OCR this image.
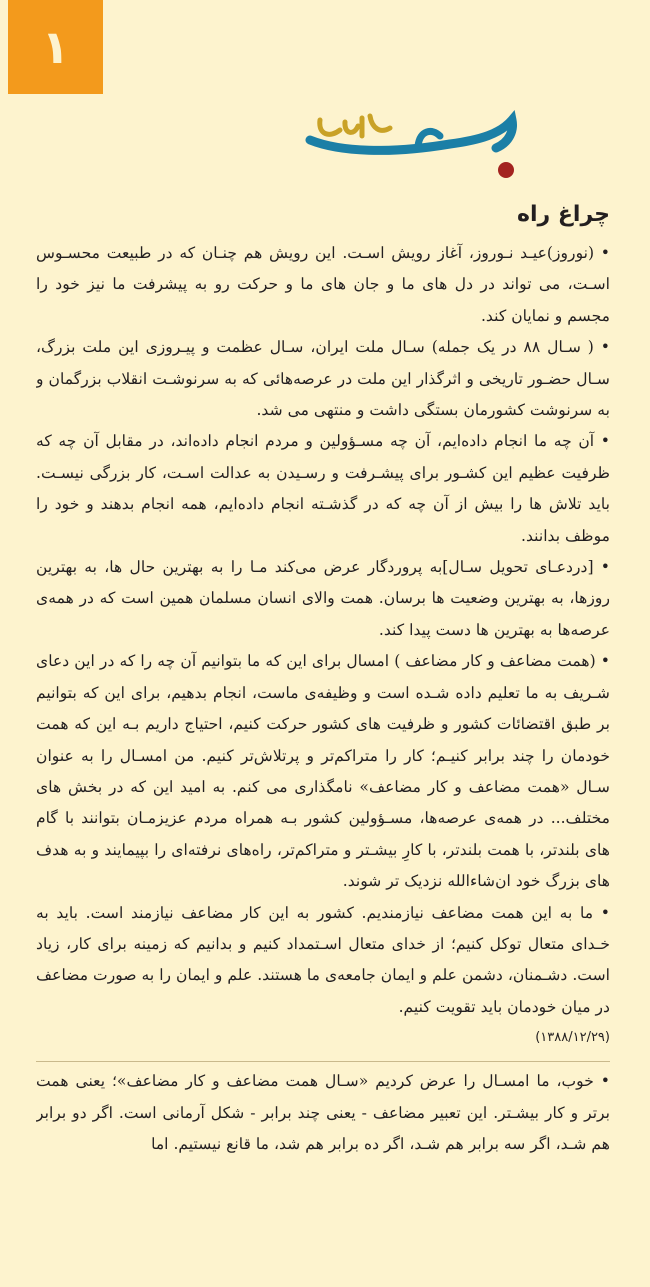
۱
چراغ راه

• (نوروز)عیـد نـوروز، آغاز رویش اسـت. این رویش هم چنـان که در طبیعت محسـوس اسـت، می تواند در دل های ما و جان های ما و حرکت رو به پیشرفت ما نیز خود را مجسم و نمایان کند.

• ( سـال ۸۸ در یک جمله) سـال ملت ایران، سـال عظمت و پیـروزی این ملت بزرگ، سـال حضـور تاریخی و اثرگذار این ملت در عرصه‌هائی که به سرنوشـت انقلاب بزرگمان و به سرنوشت کشورمان بستگی داشت و منتهی می شد.

• آن چه ما انجام داده‌ایم، آن چه مسـؤولین و مردم انجام داده‌اند، در مقابل آن چه که ظرفیت عظیم این کشـور برای پیشـرفت و رسـیدن به عدالت اسـت، کار بزرگی نیسـت. باید تلاش ها را بیش از آن چه که در گذشـته انجام داده‌ایم، همه انجام بدهند و خود را موظف بدانند.

• [دردعـای تحویل سـال]به پروردگار عرض می‌کند مـا را به بهترین حال ها، به بهترین روزها، به بهترین وضعیت ها برسان. همت والای انسان مسلمان همین است که در همه‌ی عرصه‌ها به بهترین ها دست پیدا کند.

• (همت مضاعف و کار مضاعف ) امسال برای این که ما بتوانیم آن چه را که در این دعای شـریف به ما تعلیم داده شـده است و وظیفه‌ی ماست، انجام بدهیم، برای این که بتوانیم بر طبق اقتضائات کشور و ظرفیت های کشور حرکت کنیم، احتیاج داریم بـه این که همت خودمان را چند برابر کنیـم؛ کار را متراکم‌تر و پرتلاش‌تر کنیم. من امسـال را به عنوان سـال «همت مضاعف و کار مضاعف» نامگذاری می کنم. به امید این که در بخش های مختلف... در همه‌ی عرصه‌ها، مسـؤولین کشور بـه همراه مردم عزیزمـان بتوانند با گام های بلندتر، با همت بلندتر، با کارِ بیشـتر و متراکم‌تر، راه‌های نرفته‌ای را بپیمایند و به هدف های بزرگ خود ان‌شاءالله نزدیک تر شوند.

• ما به این همت مضاعف نیازمندیم. کشور به این کار مضاعف نیازمند است. باید به خـدای متعال توکل کنیم؛ از خدای متعال اسـتمداد کنیم و بدانیم که زمینه برای کار، زیاد است. دشـمنان، دشمن علم و ایمان جامعه‌ی ما هستند. علم و ایمان را به صورت مضاعف در میان خودمان باید تقویت کنیم.

(۱۳۸۸/۱۲/۲۹)

• خوب، ما امسـال را عرض کردیم «سـال همت مضاعف و کار مضاعف»؛ یعنی همت برتر و کار بیشـتر. این تعبیر مضاعف - یعنی چند برابر - شکل آرمانی است. اگر دو برابر هم شـد، اگر سه برابر هم شـد، اگر ده برابر هم شد، ما قانع نیستیم. اما
